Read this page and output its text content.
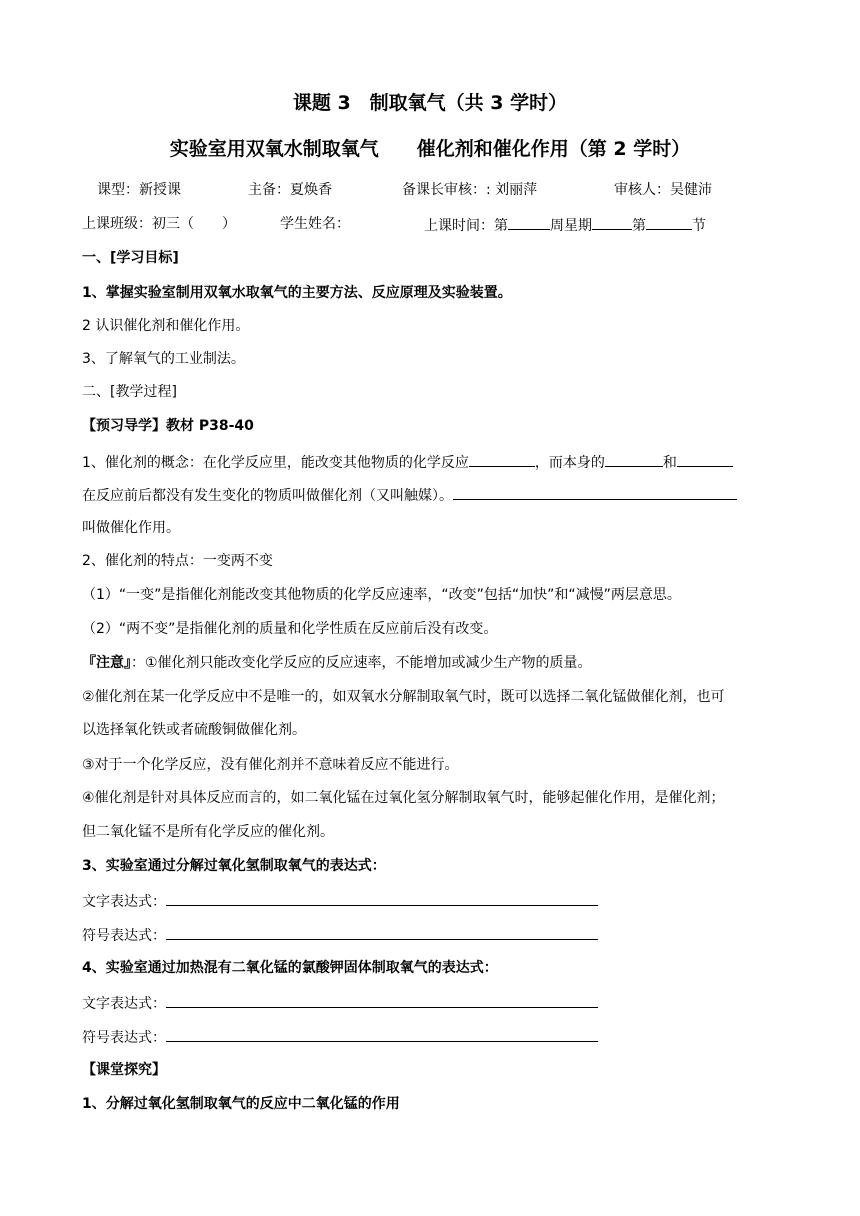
课题 3　制取氧气（共 3 学时）
实验室用双氧水制取氧气　　催化剂和催化作用（第 2 学时）
课型：新授课	主备：夏焕香	备课长审核：: 刘丽萍	审核人：吴健沛
上课班级：初三（　　）	学生姓名：	上课时间：第	周星期	第	节
一、[学习目标]
1、掌握实验室制用双氧水取氧气的主要方法、反应原理及实验装置。
2 认识催化剂和催化作用。
3、了解氧气的工业制法。
二、[教学过程]
【预习导学】教材 P38-40
1、催化剂的概念：在化学反应里，能改变其他物质的化学反应	，而本身的	和
在反应前后都没有发生变化的物质叫做催化剂（又叫触媒）。
叫做催化作用。
2、催化剂的特点：一变两不变
（1）“一变”是指催化剂能改变其他物质的化学反应速率，“改变”包括“加快”和“减慢”两层意思。
（2）“两不变”是指催化剂的质量和化学性质在反应前后没有改变。
『注意』：①催化剂只能改变化学反应的反应速率，不能增加或减少生产物的质量。
②催化剂在某一化学反应中不是唯一的，如双氧水分解制取氧气时，既可以选择二氧化锰做催化剂，也可
以选择氧化铁或者硫酸铜做催化剂。
③对于一个化学反应，没有催化剂并不意味着反应不能进行。
④催化剂是针对具体反应而言的，如二氧化锰在过氧化氢分解制取氧气时，能够起催化作用，是催化剂；
但二氧化锰不是所有化学反应的催化剂。
3、实验室通过分解过氧化氢制取氧气的表达式：
文字表达式：
符号表达式：
4、实验室通过加热混有二氧化锰的氯酸钾固体制取氧气的表达式：
文字表达式：
符号表达式：
【课堂探究】
1、分解过氧化氢制取氧气的反应中二氧化锰的作用
